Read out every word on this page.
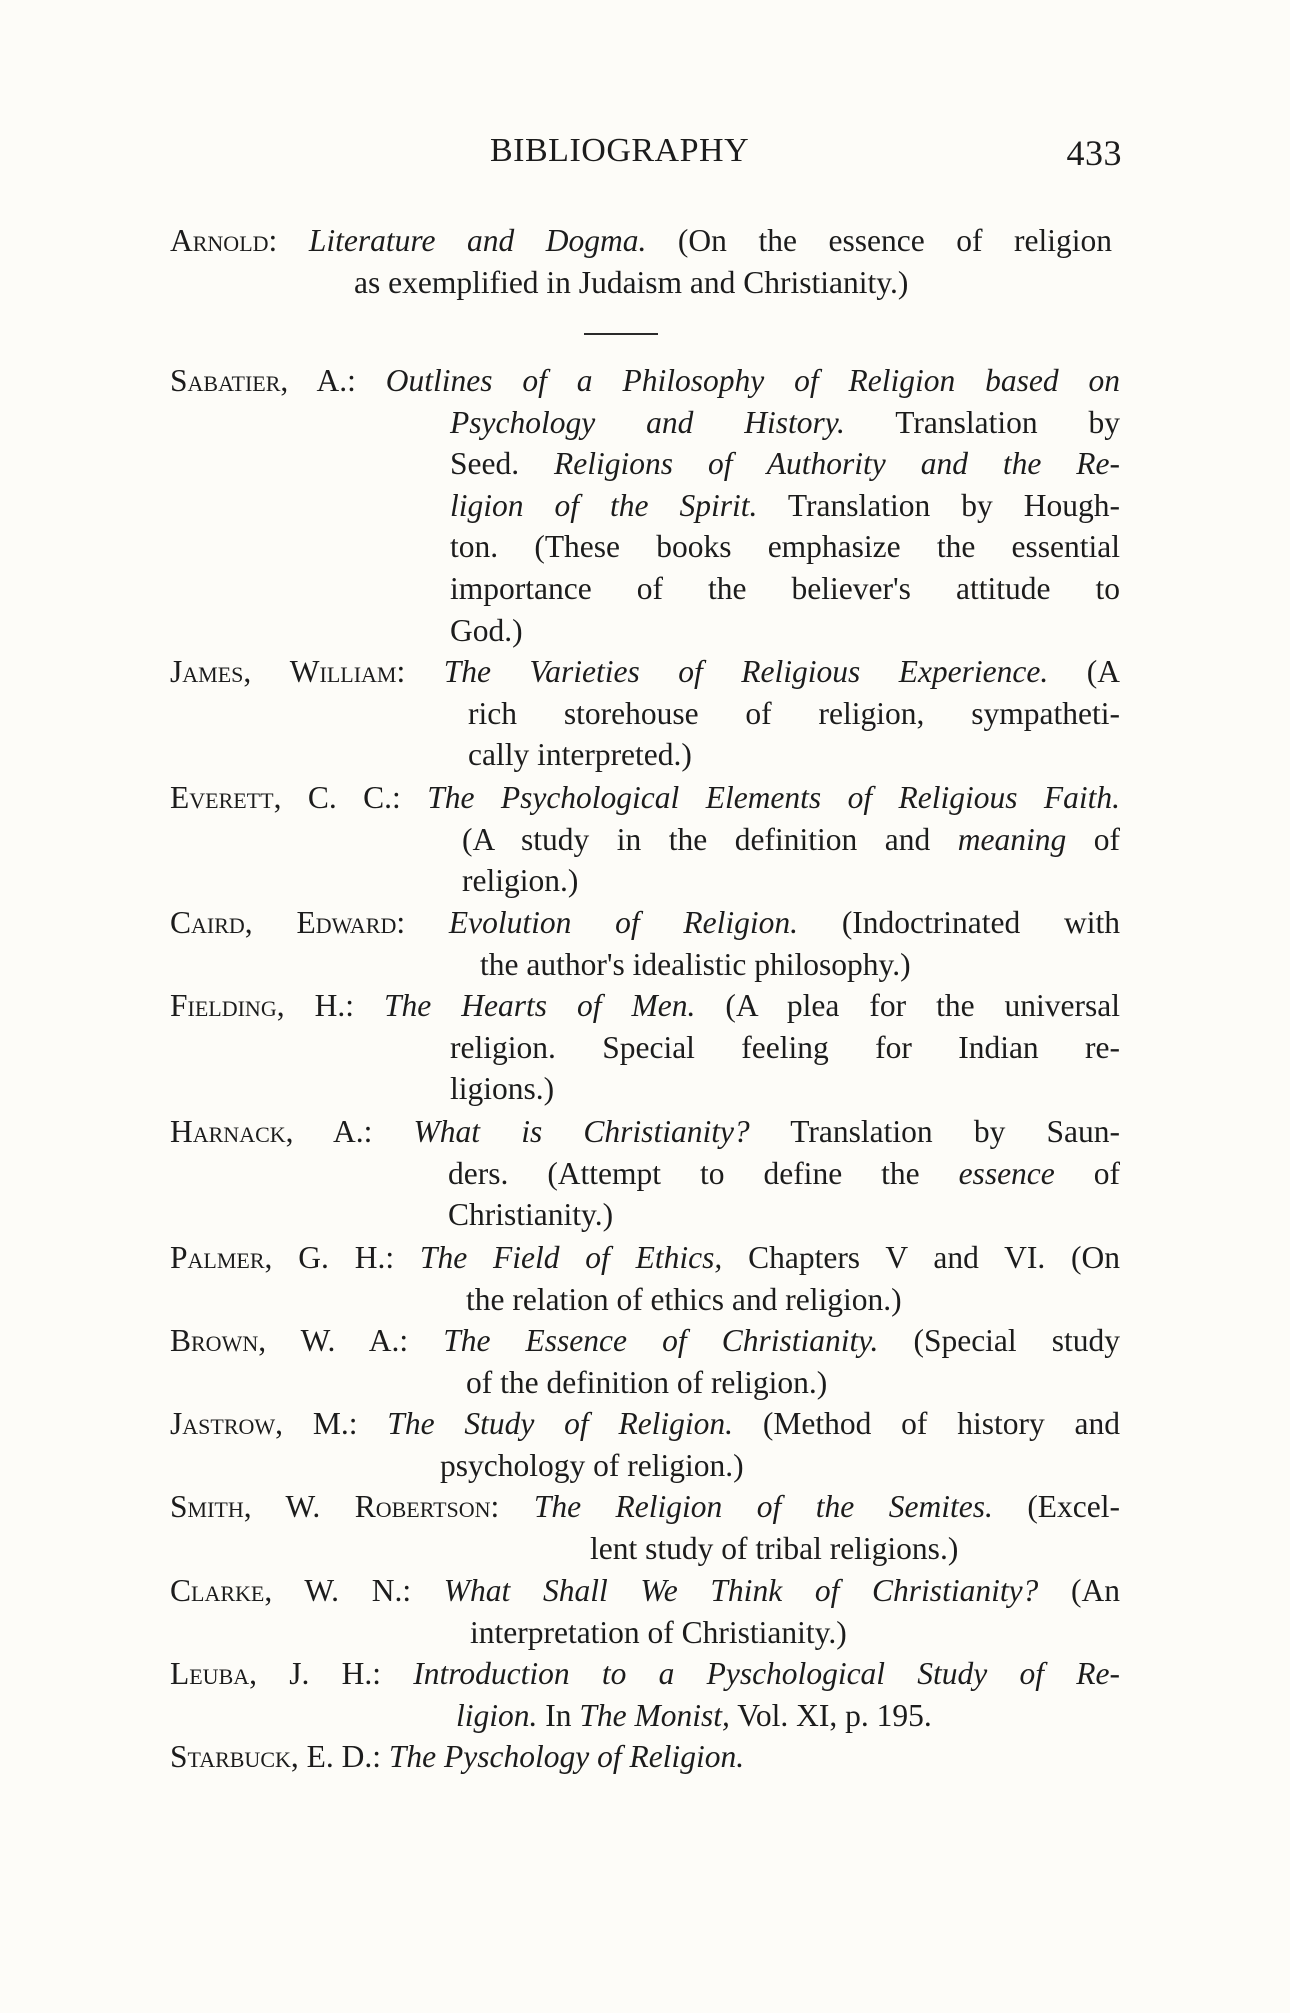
BIBLIOGRAPHY	433
Arnold: Literature and Dogma. (On the essence of religion
as exemplified in Judaism and Christianity.)
Sabatier, A.: Outlines of a Philosophy of Religion based on
Psychology and History. Translation by
Seed. Religions of Authority and the Re-
ligion of the Spirit. Translation by Hough-
ton. (These books emphasize the essential
importance of the believer's attitude to
God.)
James, William: The Varieties of Religious Experience. (A
rich storehouse of religion, sympatheti-
cally interpreted.)
Everett, C. C.: The Psychological Elements of Religious Faith.
(A study in the definition and meaning of
religion.)
Caird, Edward: Evolution of Religion. (Indoctrinated with
the author's idealistic philosophy.)
Fielding, H.: The Hearts of Men. (A plea for the universal
religion. Special feeling for Indian re-
ligions.)
Harnack, A.: What is Christianity? Translation by Saun-
ders. (Attempt to define the essence of
Christianity.)
Palmer, G. H.: The Field of Ethics, Chapters V and VI. (On
the relation of ethics and religion.)
Brown, W. A.: The Essence of Christianity. (Special study
of the definition of religion.)
Jastrow, M.: The Study of Religion. (Method of history and
psychology of religion.)
Smith, W. Robertson: The Religion of the Semites. (Excel-
lent study of tribal religions.)
Clarke, W. N.: What Shall We Think of Christianity? (An
interpretation of Christianity.)
Leuba, J. H.: Introduction to a Pyschological Study of Re-
ligion. In The Monist, Vol. XI, p. 195.
Starbuck, E. D.: The Pyschology of Religion.
